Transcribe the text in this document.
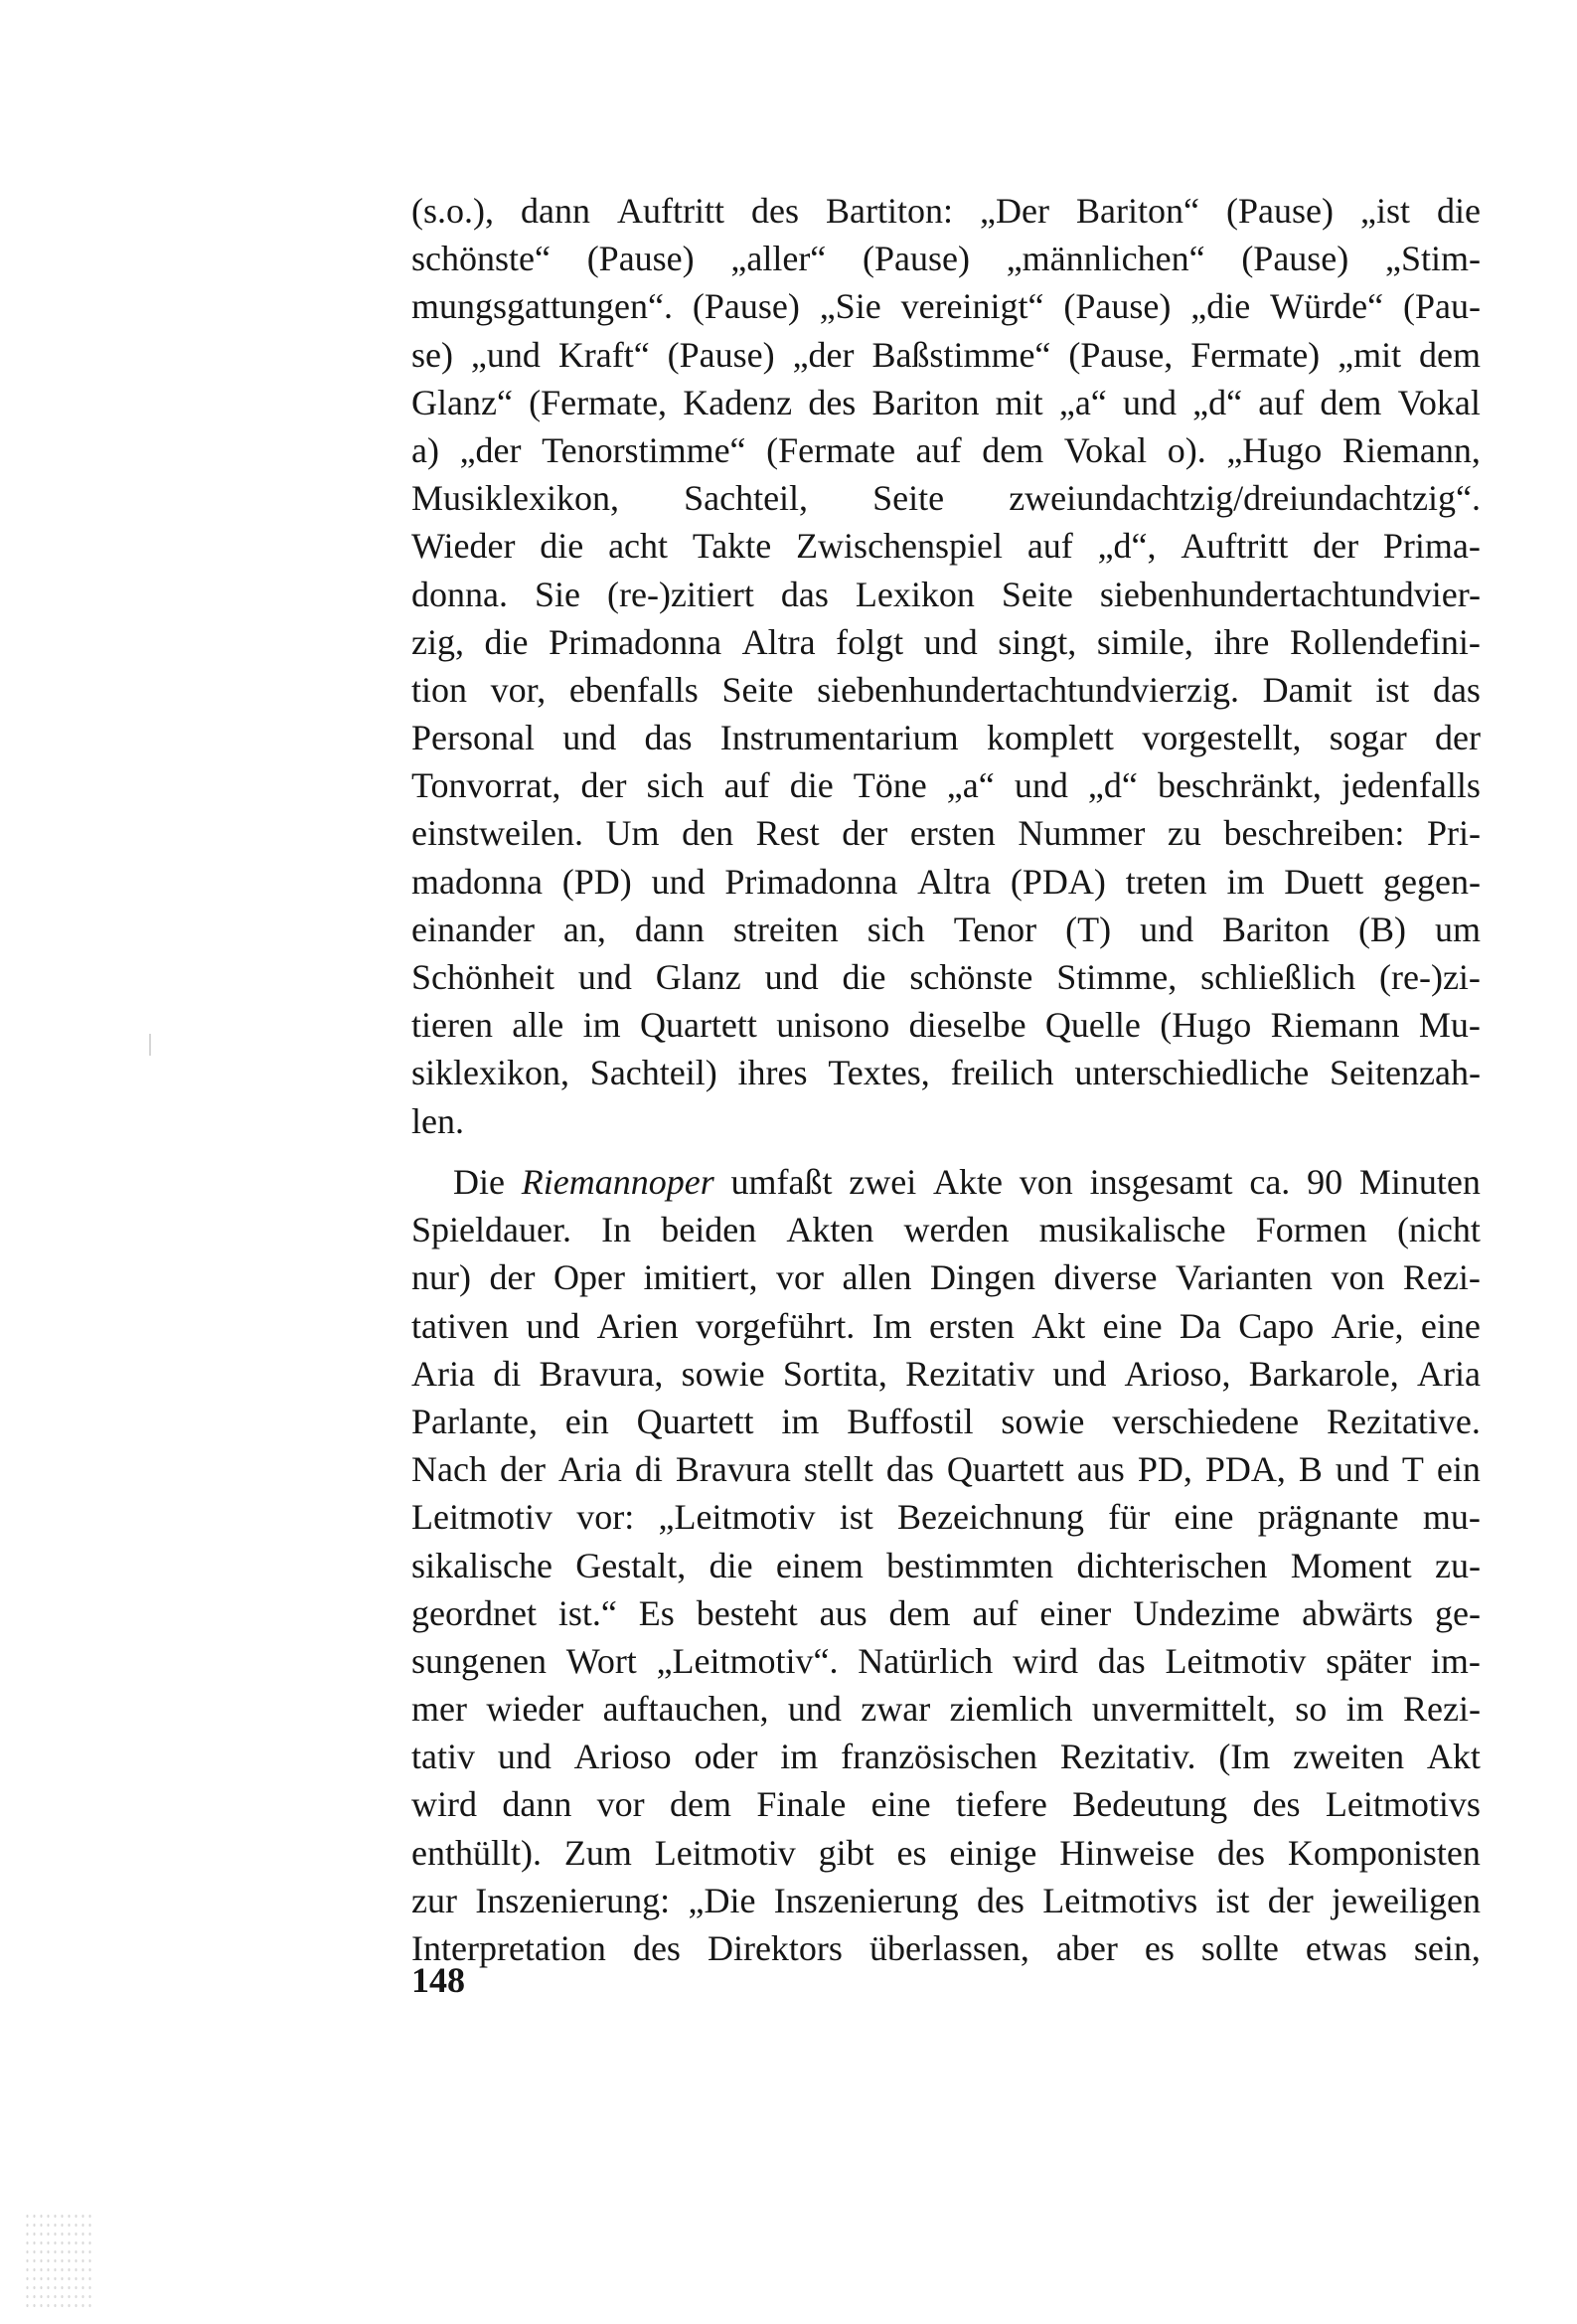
(s.o.), dann Auftritt des Bartiton: „Der Bariton“ (Pause) „ist die
schönste“ (Pause) „aller“ (Pause) „männlichen“ (Pause) „Stim-
mungsgattungen“. (Pause) „Sie vereinigt“ (Pause) „die Würde“ (Pau-
se) „und Kraft“ (Pause) „der Baßstimme“ (Pause, Fermate) „mit dem
Glanz“ (Fermate, Kadenz des Bariton mit „a“ und „d“ auf dem Vokal
a) „der Tenorstimme“ (Fermate auf dem Vokal o). „Hugo Riemann,
Musiklexikon, Sachteil, Seite zweiundachtzig/dreiundachtzig“.
Wieder die acht Takte Zwischenspiel auf „d“, Auftritt der Prima-
donna. Sie (re-)zitiert das Lexikon Seite siebenhundertachtundvier-
zig, die Primadonna Altra folgt und singt, simile, ihre Rollendefini-
tion vor, ebenfalls Seite siebenhundertachtundvierzig. Damit ist das
Personal und das Instrumentarium komplett vorgestellt, sogar der
Tonvorrat, der sich auf die Töne „a“ und „d“ beschränkt, jedenfalls
einstweilen. Um den Rest der ersten Nummer zu beschreiben: Pri-
madonna (PD) und Primadonna Altra (PDA) treten im Duett gegen-
einander an, dann streiten sich Tenor (T) und Bariton (B) um
Schönheit und Glanz und die schönste Stimme, schließlich (re-)zi-
tieren alle im Quartett unisono dieselbe Quelle (Hugo Riemann Mu-
siklexikon, Sachteil) ihres Textes, freilich unterschiedliche Seitenzah-
len.
Die Riemannoper umfaßt zwei Akte von insgesamt ca. 90 Minuten
Spieldauer. In beiden Akten werden musikalische Formen (nicht
nur) der Oper imitiert, vor allen Dingen diverse Varianten von Rezi-
tativen und Arien vorgeführt. Im ersten Akt eine Da Capo Arie, eine
Aria di Bravura, sowie Sortita, Rezitativ und Arioso, Barkarole, Aria
Parlante, ein Quartett im Buffostil sowie verschiedene Rezitative.
Nach der Aria di Bravura stellt das Quartett aus PD, PDA, B und T ein
Leitmotiv vor: „Leitmotiv ist Bezeichnung für eine prägnante mu-
sikalische Gestalt, die einem bestimmten dichterischen Moment zu-
geordnet ist.“ Es besteht aus dem auf einer Undezime abwärts ge-
sungenen Wort „Leitmotiv“. Natürlich wird das Leitmotiv später im-
mer wieder auftauchen, und zwar ziemlich unvermittelt, so im Rezi-
tativ und Arioso oder im französischen Rezitativ. (Im zweiten Akt
wird dann vor dem Finale eine tiefere Bedeutung des Leitmotivs
enthüllt). Zum Leitmotiv gibt es einige Hinweise des Komponisten
zur Inszenierung: „Die Inszenierung des Leitmotivs ist der jeweiligen
Interpretation des Direktors überlassen, aber es sollte etwas sein,
148
